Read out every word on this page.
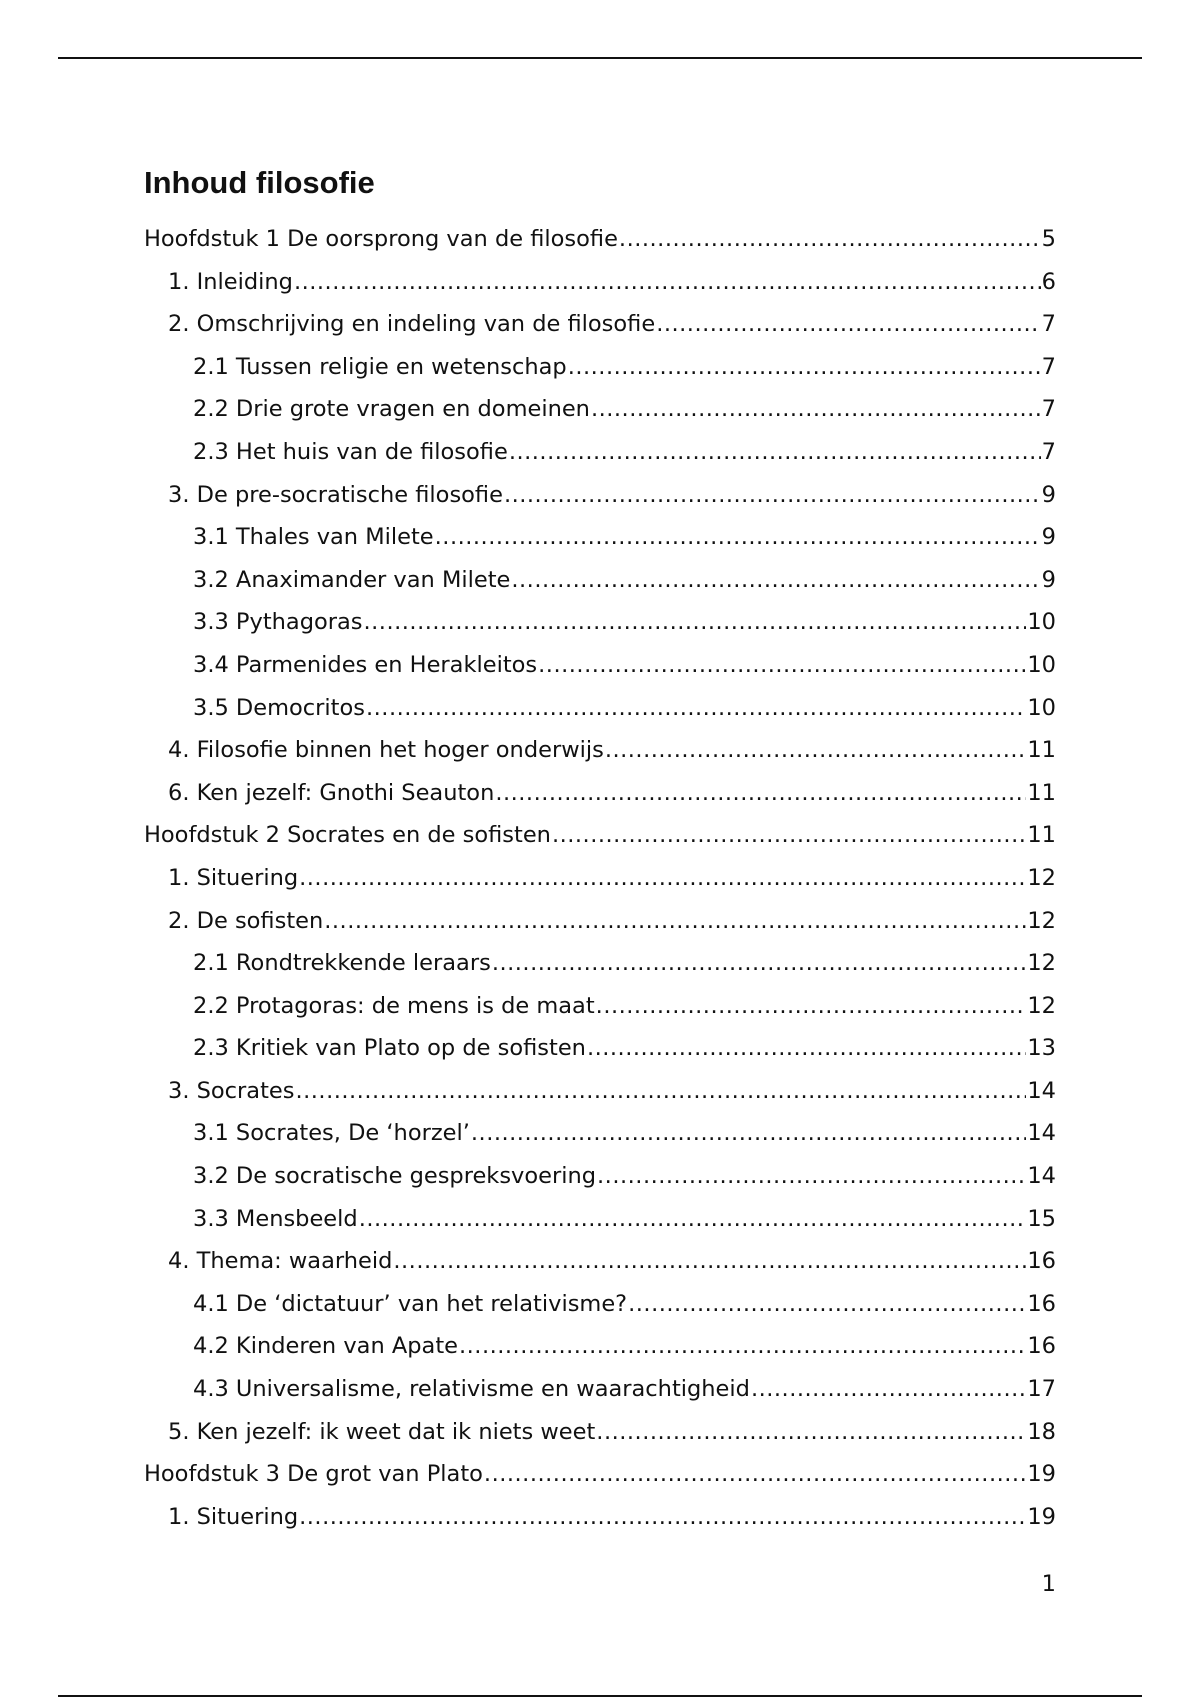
Inhoud filosofie
Hoofdstuk 1 De oorsprong van de filosofie .....	5
1. Inleiding .....	6
2. Omschrijving en indeling van de filosofie .....	7
2.1 Tussen religie en wetenschap .....	7
2.2 Drie grote vragen en domeinen .....	7
2.3 Het huis van de filosofie .....	7
3. De pre-socratische filosofie .....	9
3.1 Thales van Milete .....	9
3.2 Anaximander van Milete .....	9
3.3 Pythagoras .....	10
3.4 Parmenides en Herakleitos .....	10
3.5 Democritos .....	10
4. Filosofie binnen het hoger onderwijs .....	11
6. Ken jezelf: Gnothi Seauton .....	11
Hoofdstuk 2 Socrates en de sofisten .....	11
1. Situering .....	12
2. De sofisten .....	12
2.1 Rondtrekkende leraars .....	12
2.2 Protagoras: de mens is de maat .....	12
2.3 Kritiek van Plato op de sofisten .....	13
3. Socrates .....	14
3.1 Socrates, De ‘horzel’ .....	14
3.2 De socratische gespreksvoering .....	14
3.3 Mensbeeld .....	15
4. Thema: waarheid .....	16
4.1 De ‘dictatuur’ van het relativisme? .....	16
4.2 Kinderen van Apate .....	16
4.3 Universalisme, relativisme en waarachtigheid .....	17
5. Ken jezelf: ik weet dat ik niets weet .....	18
Hoofdstuk 3 De grot van Plato .....	19
1. Situering .....	19
1
